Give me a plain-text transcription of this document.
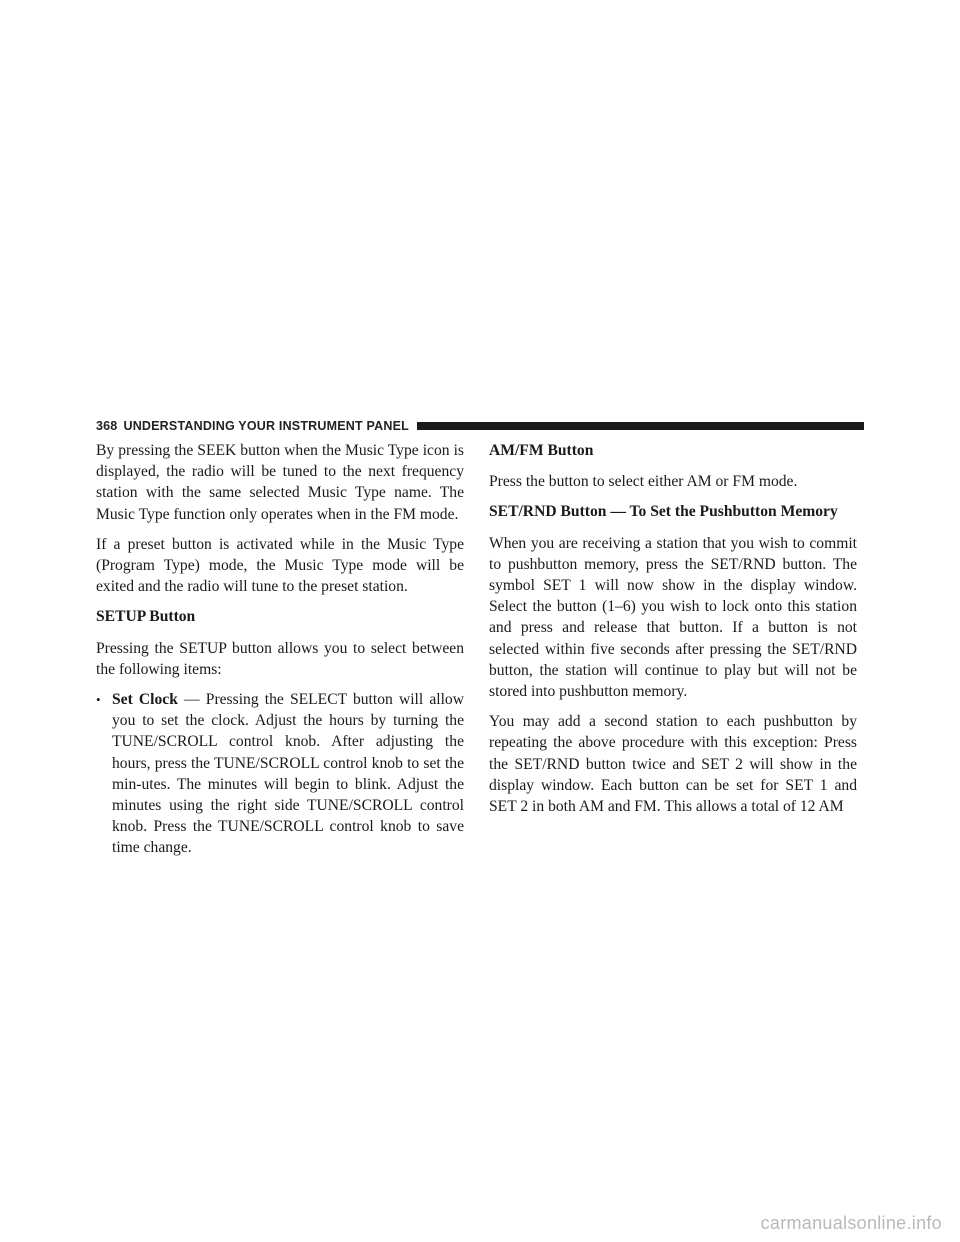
368 UNDERSTANDING YOUR INSTRUMENT PANEL

By pressing the SEEK button when the Music Type icon is displayed, the radio will be tuned to the next frequency station with the same selected Music Type name. The Music Type function only operates when in the FM mode.

If a preset button is activated while in the Music Type (Program Type) mode, the Music Type mode will be exited and the radio will tune to the preset station.

SETUP Button

Pressing the SETUP button allows you to select between the following items:

• Set Clock — Pressing the SELECT button will allow you to set the clock. Adjust the hours by turning the TUNE/SCROLL control knob. After adjusting the hours, press the TUNE/SCROLL control knob to set the min-utes. The minutes will begin to blink. Adjust the minutes using the right side TUNE/SCROLL control knob. Press the TUNE/SCROLL control knob to save time change.
AM/FM Button

Press the button to select either AM or FM mode.

SET/RND Button — To Set the Pushbutton Memory

When you are receiving a station that you wish to commit to pushbutton memory, press the SET/RND button. The symbol SET 1 will now show in the display window. Select the button (1–6) you wish to lock onto this station and press and release that button. If a button is not selected within five seconds after pressing the SET/RND button, the station will continue to play but will not be stored into pushbutton memory.

You may add a second station to each pushbutton by repeating the above procedure with this exception: Press the SET/RND button twice and SET 2 will show in the display window. Each button can be set for SET 1 and SET 2 in both AM and FM. This allows a total of 12 AM

carmanualsonline.info
